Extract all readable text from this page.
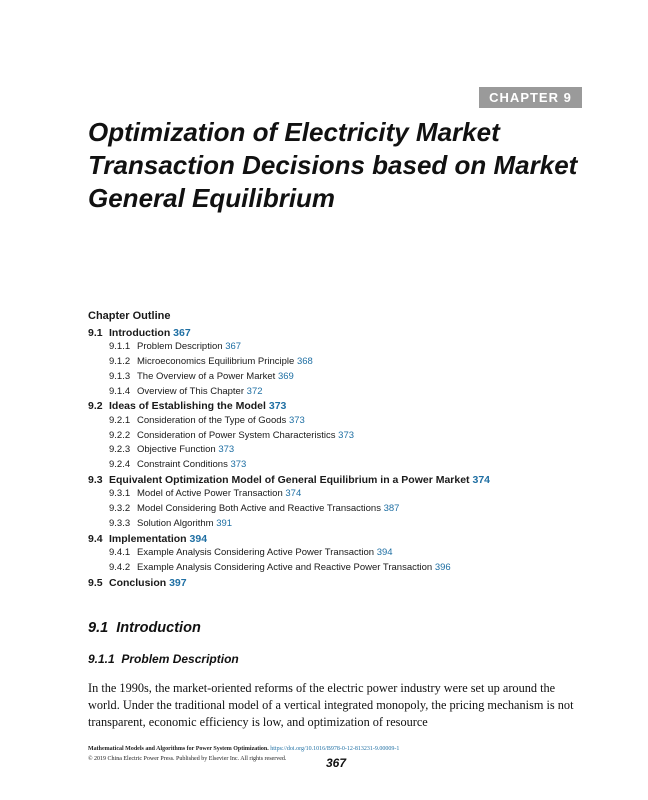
CHAPTER 9
Optimization of Electricity Market
Transaction Decisions based on Market
General Equilibrium
Chapter Outline
9.1 Introduction 367
9.1.1 Problem Description 367
9.1.2 Microeconomics Equilibrium Principle 368
9.1.3 The Overview of a Power Market 369
9.1.4 Overview of This Chapter 372
9.2 Ideas of Establishing the Model 373
9.2.1 Consideration of the Type of Goods 373
9.2.2 Consideration of Power System Characteristics 373
9.2.3 Objective Function 373
9.2.4 Constraint Conditions 373
9.3 Equivalent Optimization Model of General Equilibrium in a Power Market 374
9.3.1 Model of Active Power Transaction 374
9.3.2 Model Considering Both Active and Reactive Transactions 387
9.3.3 Solution Algorithm 391
9.4 Implementation 394
9.4.1 Example Analysis Considering Active Power Transaction 394
9.4.2 Example Analysis Considering Active and Reactive Power Transaction 396
9.5 Conclusion 397
9.1 Introduction
9.1.1 Problem Description

In the 1990s, the market-oriented reforms of the electric power industry were set up around the world. Under the traditional model of a vertical integrated monopoly, the pricing mechanism is not transparent, economic efficiency is low, and optimization of resource

Mathematical Models and Algorithms for Power System Optimization. https://doi.org/10.1016/B978-0-12-813231-9.00009-1
© 2019 China Electric Power Press. Published by Elsevier Inc. All rights reserved.	367
